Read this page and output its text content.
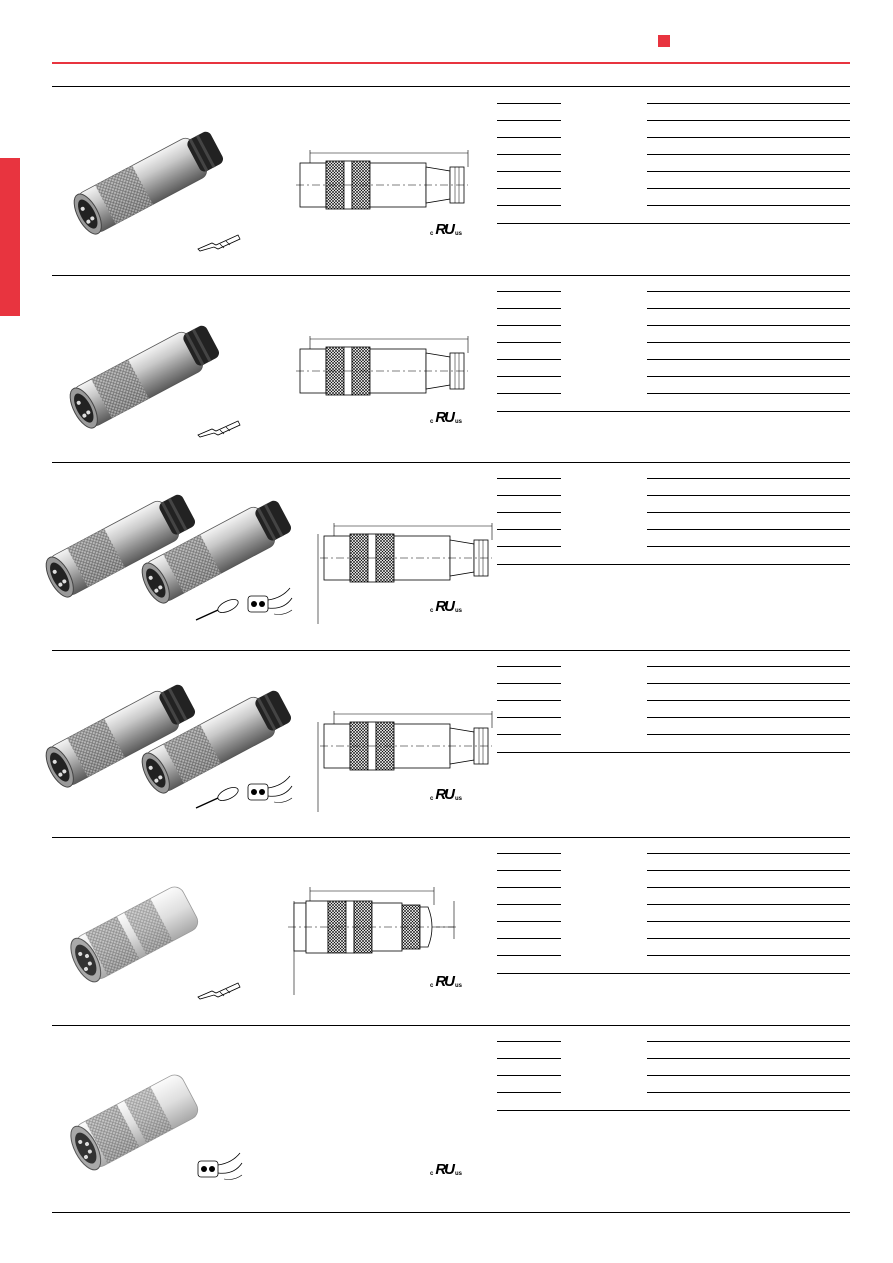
c RU us
c RU us
c RU us
c RU us
c RU us
c RU us
